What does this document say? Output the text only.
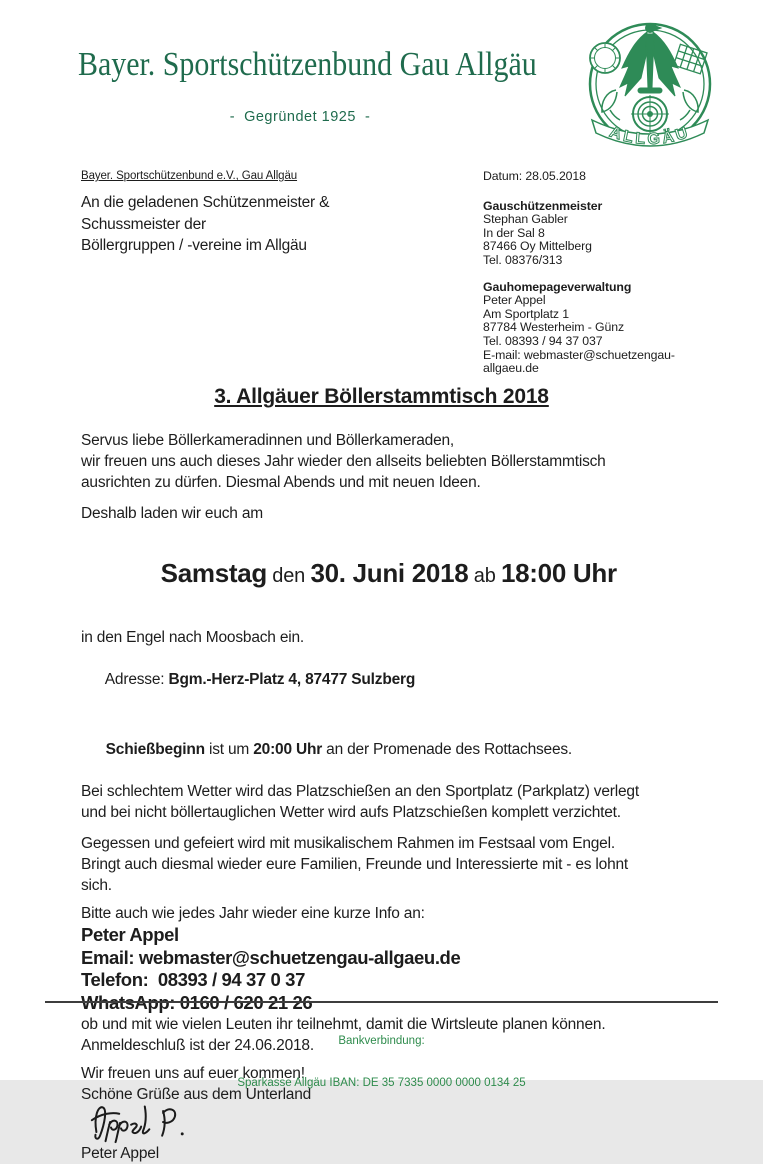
Bayer. Sportschützenbund Gau Allgäu
-  Gegründet 1925  -
ALLGÄU
Bayer. Sportschützenbund e.V., Gau Allgäu
An die geladenen Schützenmeister &
Schussmeister der
Böllergruppen / -vereine im Allgäu
Datum: 28.05.2018
Gauschützenmeister
Stephan Gabler
In der Sal 8
87466 Oy Mittelberg
Tel. 08376/313
Gauhomepageverwaltung
Peter Appel
Am Sportplatz 1
87784 Westerheim - Günz
Tel. 08393 / 94 37 037
E-mail: webmaster@schuetzengau-
allgaeu.de
3. Allgäuer Böllerstammtisch 2018
Servus liebe Böllerkameradinnen und Böllerkameraden,
wir freuen uns auch dieses Jahr wieder den allseits beliebten Böllerstammtisch
ausrichten zu dürfen. Diesmal Abends und mit neuen Ideen.
Deshalb laden wir euch am

Samstag den 30. Juni 2018 ab 18:00 Uhr

in den Engel nach Moosbach ein.

Adresse: Bgm.-Herz-Platz 4, 87477 Sulzberg

Schießbeginn ist um 20:00 Uhr an der Promenade des Rottachsees.

Bei schlechtem Wetter wird das Platzschießen an den Sportplatz (Parkplatz) verlegt
und bei nicht böllertauglichen Wetter wird aufs Platzschießen komplett verzichtet.
Gegessen und gefeiert wird mit musikalischem Rahmen im Festsaal vom Engel.
Bringt auch diesmal wieder eure Familien, Freunde und Interessierte mit - es lohnt
sich.
Bitte auch wie jedes Jahr wieder eine kurze Info an:
Peter Appel
Email: webmaster@schuetzengau-allgaeu.de
Telefon:  08393 / 94 37 0 37
WhatsApp: 0160 / 620 21 26
ob und mit wie vielen Leuten ihr teilnehmt, damit die Wirtsleute planen können.
Anmeldeschluß ist der 24.06.2018.
Wir freuen uns auf euer kommen!
Schöne Grüße aus dem Unterland
Peter Appel

Bankverbindung:

Sparkasse Allgäu IBAN: DE 35 7335 0000 0000 0134 25
